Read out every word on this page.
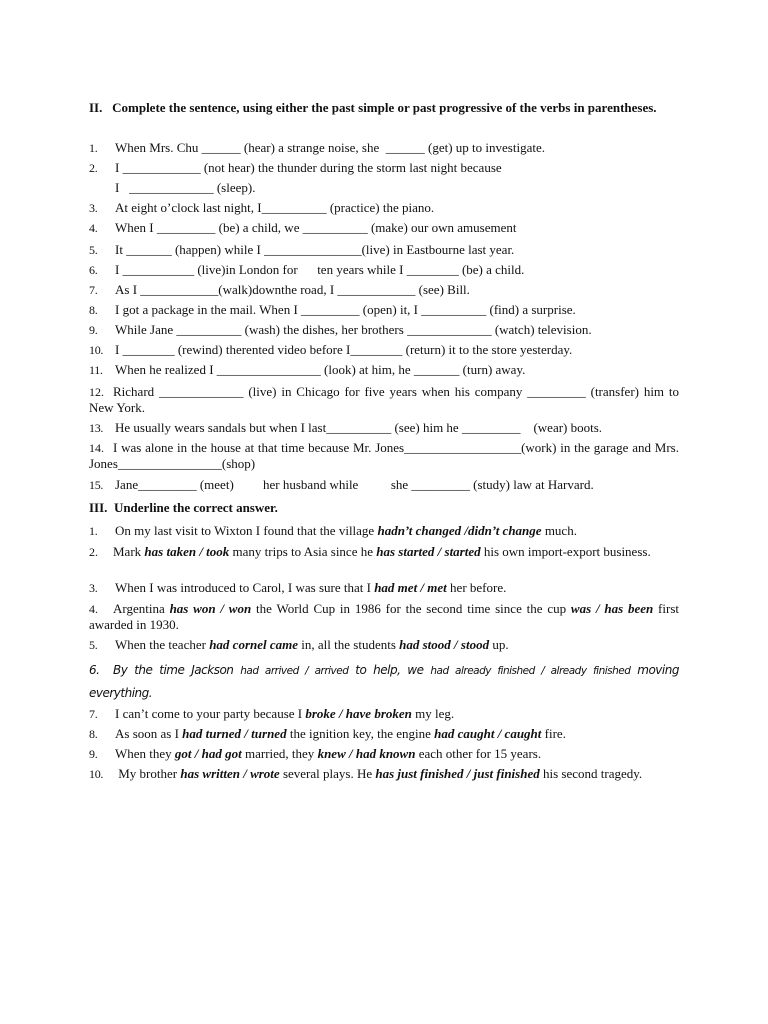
II. Complete the sentence, using either the past simple or past progressive of the verbs in parentheses.
1.	When Mrs. Chu ______ (hear) a strange noise, she  ______ (get) up to investigate.
2.	I ____________ (not hear) the thunder during the storm last night because
I   _____________ (sleep).
3.	At eight o’clock last night, I__________ (practice) the piano.
4.	When I _________ (be) a child, we __________ (make) our own amusement
5.	It _______ (happen) while I _______________(live) in Eastbourne last year.
6.	I ___________ (live)in London for      ten years while I ________ (be) a child.
7.	As I ____________(walk)downthe road, I ____________ (see) Bill.
8.	I got a package in the mail. When I _________ (open) it, I __________ (find) a surprise.
9.	While Jane __________ (wash) the dishes, her brothers _____________ (watch) television.
10. I ________ (rewind) therented video before I________ (return) it to the store yesterday.
11. When he realized I ________________ (look) at him, he _______ (turn) away.
12. Richard _____________ (live) in Chicago for five years when his company _________ (transfer) him to New York.
13. He usually wears sandals but when I last__________ (see) him he _________    (wear) boots.
14. I was alone in the house at that time because Mr. Jones__________________(work) in the garage and Mrs. Jones________________(shop)
15. Jane_________ (meet)         her husband while          she _________ (study) law at Harvard.
III. Underline the correct answer.
1.	On my last visit to Wixton I found that the village hadn’t changed /didn’t change much.
2. Mark has taken / took many trips to Asia since he has started / started his own import-export business.
3.	When I was introduced to Carol, I was sure that I had met / met her before.
4. Argentina has won / won the World Cup in 1986 for the second time since the cup was / has been first awarded in 1930.
5.	When the teacher had cornel came in, all the students had stood / stood up.
6. By the time Jackson had arrived / arrived to help, we had already finished / already finished moving everything.
7.	I can’t come to your party because I broke / have broken my leg.
8.	As soon as I had turned / turned the ignition key, the engine had caught / caught fire.
9.	When they got / had got married, they knew / had known each other for 15 years.
10. My brother has written / wrote several plays. He has just finished / just finished his second tragedy.
